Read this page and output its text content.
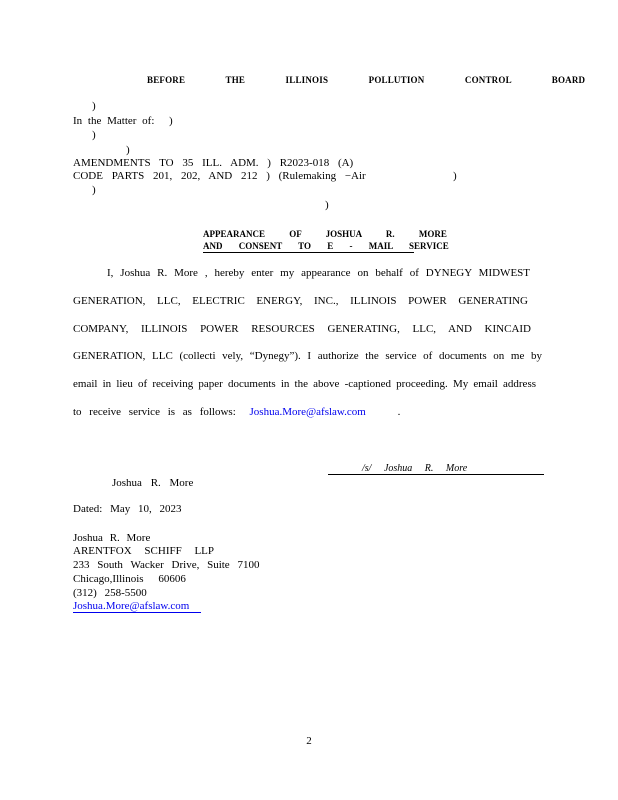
BEFORE THE ILLINOIS POLLUTION CONTROL BOARD
)
In the Matter of: )
)
)
AMENDMENTS TO 35 ILL. ADM. ) R2023-018 (A)
CODE PARTS 201, 202, AND 212 ) (Rulemaking −Air	)
)
)
APPEARANCE OF JOSHUA R. MORE
AND CONSENT TO E - MAIL SERVICE
I, Joshua R. More , hereby enter my appearance on behalf of DYNEGY MIDWEST
GENERATION, LLC, ELECTRIC ENERGY, INC., ILLINOIS POWER GENERATING
COMPANY, ILLINOIS POWER RESOURCES GENERATING, LLC, AND KINCAID
GENERATION, LLC (collecti vely, “Dynegy”). I authorize the service of documents on me by
email in lieu of receiving paper documents in the above -captioned proceeding. My email address
to receive service is as follows: Joshua.More@afslaw.com	.
/s/ Joshua R. More
Joshua R. More
Dated: May 10, 2023
Joshua R. More
ARENTFOX SCHIFF LLP
233 South Wacker Drive, Suite 7100
Chicago,Illinois 60606
(312) 258-5500
Joshua.More@afslaw.com
2
